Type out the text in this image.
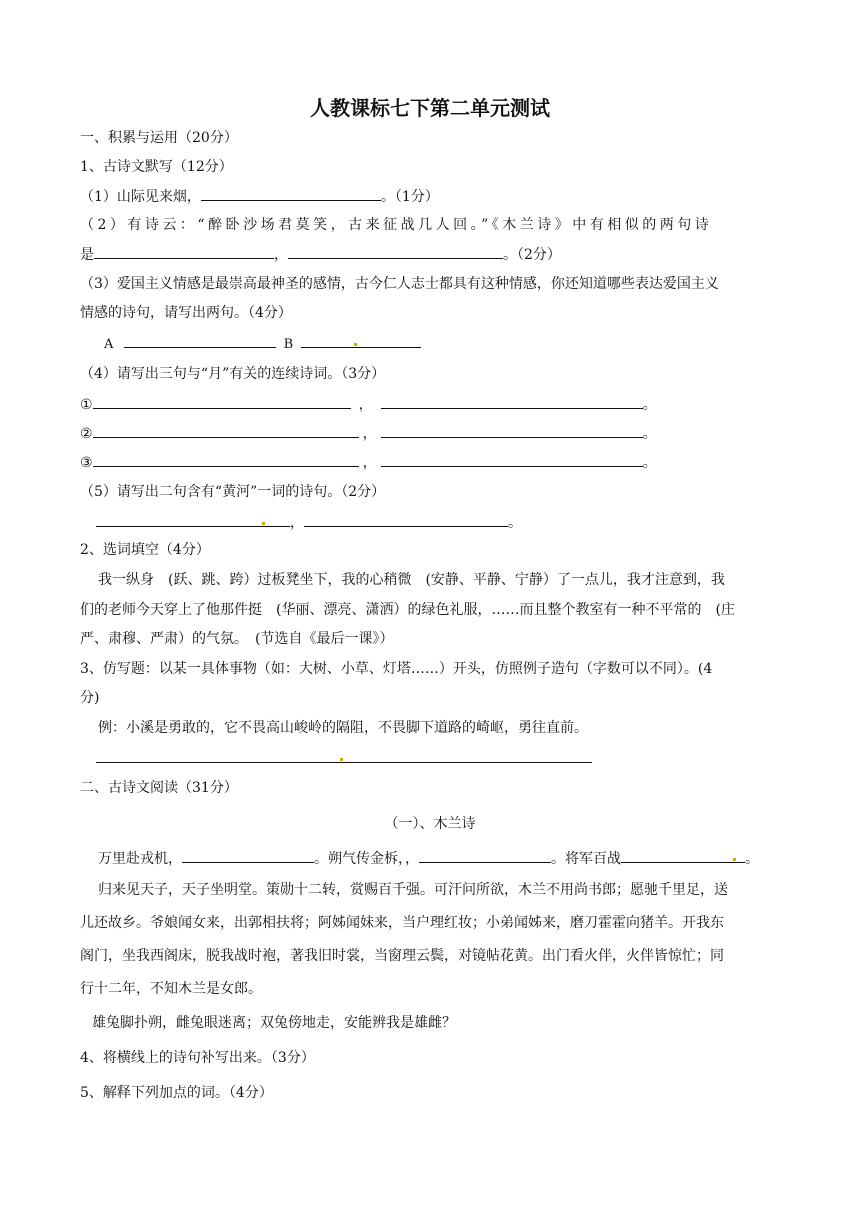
人教课标七下第二单元测试
一、积累与运用（20分）
1、古诗文默写（12分）
（1）山际见来烟，	。（1分）
（2）有诗云：“醉卧沙场君莫笑，古来征战几人回。”《木兰诗》中有相似的两句诗
是	，	。（2分）
（3）爱国主义情感是最崇高最神圣的感情，古今仁人志士都具有这种情感，你还知道哪些表达爱国主义
情感的诗句，请写出两句。（4分）
A	B
（4）请写出三句与“月”有关的连续诗词。（3分）
①	，	。
②	，	。
③	，	。
（5）请写出二句含有“黄河”一词的诗句。（2分）
，	。
2、选词填空（4分）
我一纵身　(跃、跳、跨）过板凳坐下，我的心稍微　(安静、平静、宁静）了一点儿，我才注意到，我
们的老师今天穿上了他那件挺　(华丽、漂亮、潇洒）的绿色礼服，……而且整个教室有一种不平常的　(庄
严、肃穆、严肃）的气氛。　(节选自《最后一课》）
3、仿写题：以某一具体事物（如：大树、小草、灯塔……）开头，仿照例子造句（字数可以不同）。(4
分)
例：小溪是勇敢的，它不畏高山峻岭的隔阻，不畏脚下道路的崎岖，勇往直前。
二、古诗文阅读（31分）
（一）、木兰诗
万里赴戎机，	。朔气传金柝，，	。将军百战	。
归来见天子，天子坐明堂。策勋十二转，赏赐百千强。可汗问所欲，木兰不用尚书郎；愿驰千里足，送
儿还故乡。爷娘闻女来，出郭相扶将；阿姊闻妹来，当户理红妆；小弟闻姊来，磨刀霍霍向猪羊。开我东
阁门，坐我西阁床，脱我战时袍，著我旧时裳，当窗理云鬓，对镜帖花黄。出门看火伴，火伴皆惊忙；同
行十二年，不知木兰是女郎。
雄兔脚扑朔，雌兔眼迷离；双兔傍地走，安能辨我是雄雌？
4、将横线上的诗句补写出来。（3分）
5、解释下列加点的词。（4分）
